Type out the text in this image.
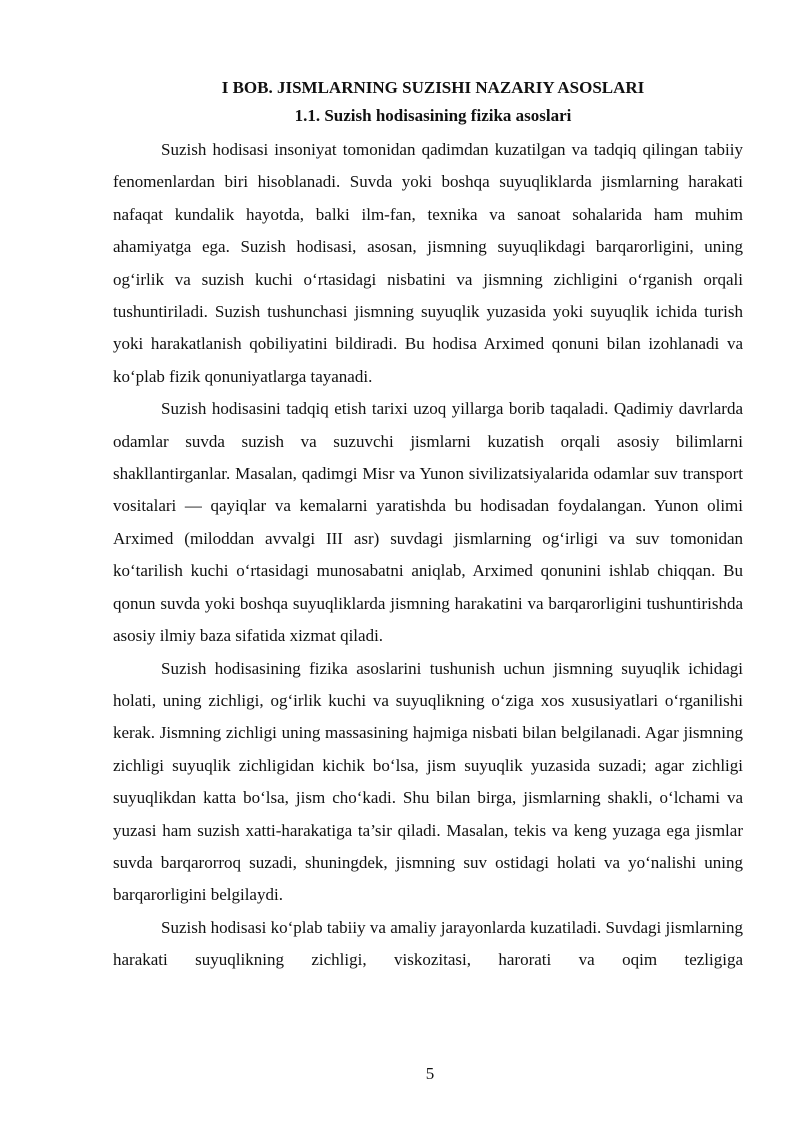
I BOB. JISMLARNING SUZISHI NAZARIY ASOSLARI
1.1. Suzish hodisasining fizika asoslari

Suzish hodisasi insoniyat tomonidan qadimdan kuzatilgan va tadqiq qilingan tabiiy fenomenlardan biri hisoblanadi. Suvda yoki boshqa suyuqliklarda jismlarning harakati nafaqat kundalik hayotda, balki ilm-fan, texnika va sanoat sohalarida ham muhim ahamiyatga ega. Suzish hodisasi, asosan, jismning suyuqlikdagi barqarorligini, uning og‘irlik va suzish kuchi o‘rtasidagi nisbatini va jismning zichligini o‘rganish orqali tushuntiriladi. Suzish tushunchasi jismning suyuqlik yuzasida yoki suyuqlik ichida turish yoki harakatlanish qobiliyatini bildiradi. Bu hodisa Arximed qonuni bilan izohlanadi va ko‘plab fizik qonuniyatlarga tayanadi.

Suzish hodisasini tadqiq etish tarixi uzoq yillarga borib taqaladi. Qadimiy davrlarda odamlar suvda suzish va suzuvchi jismlarni kuzatish orqali asosiy bilimlarni shakllantirganlar. Masalan, qadimgi Misr va Yunon sivilizatsiyalarida odamlar suv transport vositalari — qayiqlar va kemalarni yaratishda bu hodisadan foydalangan. Yunon olimi Arximed (miloddan avvalgi III asr) suvdagi jismlarning og‘irligi va suv tomonidan ko‘tarilish kuchi o‘rtasidagi munosabatni aniqlab, Arximed qonunini ishlab chiqqan. Bu qonun suvda yoki boshqa suyuqliklarda jismning harakatini va barqarorligini tushuntirishda asosiy ilmiy baza sifatida xizmat qiladi.

Suzish hodisasining fizika asoslarini tushunish uchun jismning suyuqlik ichidagi holati, uning zichligi, og‘irlik kuchi va suyuqlikning o‘ziga xos xususiyatlari o‘rganilishi kerak. Jismning zichligi uning massasining hajmiga nisbati bilan belgilanadi. Agar jismning zichligi suyuqlik zichligidan kichik bo‘lsa, jism suyuqlik yuzasida suzadi; agar zichligi suyuqlikdan katta bo‘lsa, jism cho‘kadi. Shu bilan birga, jismlarning shakli, o‘lchami va yuzasi ham suzish xatti-harakatiga ta’sir qiladi. Masalan, tekis va keng yuzaga ega jismlar suvda barqarorroq suzadi, shuningdek, jismning suv ostidagi holati va yo‘nalishi uning barqarorligini belgilaydi.

Suzish hodisasi ko‘plab tabiiy va amaliy jarayonlarda kuzatiladi. Suvdagi jismlarning harakati suyuqlikning zichligi, viskozitasi, harorati va oqim tezligiga

5
